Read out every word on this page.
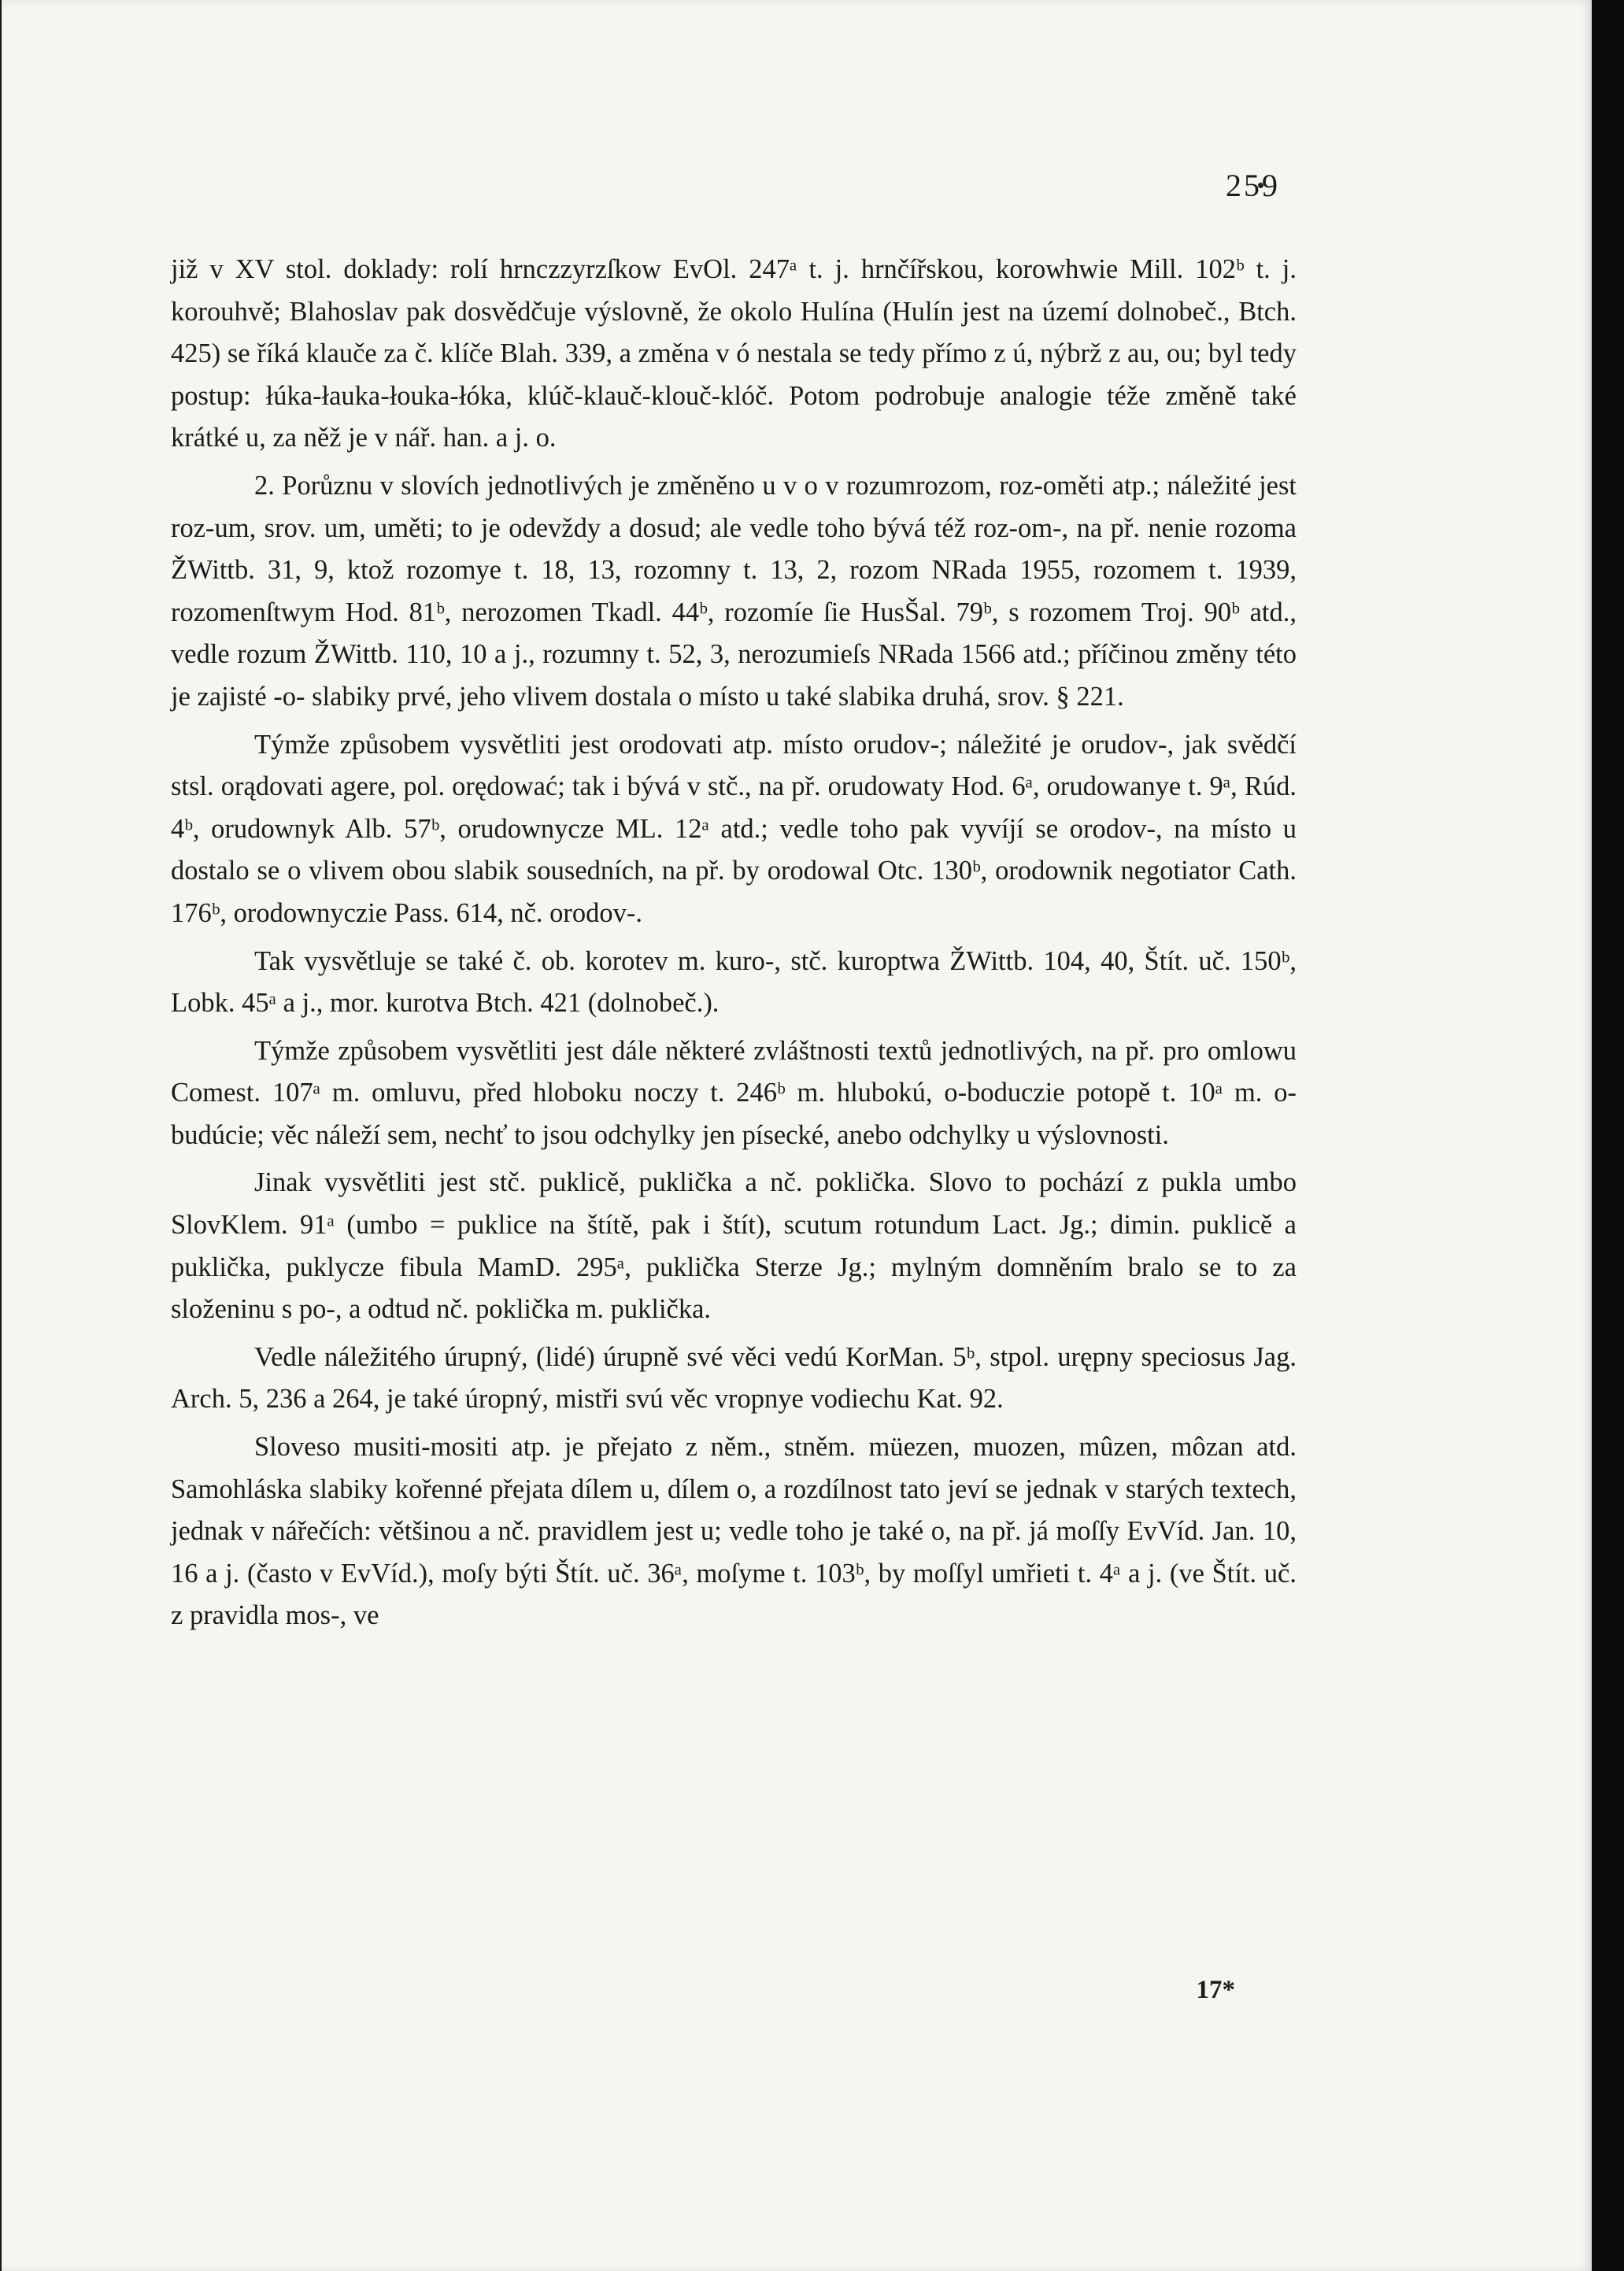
259

již v XV stol. doklady: rolí hrnczzyrzſkow EvOl. 247ᵃ t. j. hrnčířskou, korowhwie Mill. 102ᵇ t. j. korouhvě; Blahoslav pak dosvědčuje výslovně, že okolo Hulína (Hulín jest na území dolnobeč., Btch. 425) se říká klauče za č. klíče Blah. 339, a změna v ó nestala se tedy přímo z ú, nýbrž z au, ou; byl tedy postup: łúka-łauka-łouka-łóka, klúč-klauč-klouč-klóč. Potom podrobuje analogie téže změně také krátké u, za něž je v nář. han. a j. o.

2. Porůznu v slovích jednotlivých je změněno u v o v rozumrozom, roz-oměti atp.; náležité jest roz-um, srov. um, uměti; to je odevždy a dosud; ale vedle toho bývá též roz-om-, na př. nenie rozoma ŽWittb. 31, 9, ktož rozomye t. 18, 13, rozomny t. 13, 2, rozom NRada 1955, rozomem t. 1939, rozomenſtwym Hod. 81ᵇ, nerozomen Tkadl. 44ᵇ, rozomíe ſie HusŠal. 79ᵇ, s rozomem Troj. 90ᵇ atd., vedle rozum ŽWittb. 110, 10 a j., rozumny t. 52, 3, nerozumieſs NRada 1566 atd.; příčinou změny této je zajisté -o- slabiky prvé, jeho vlivem dostala o místo u také slabika druhá, srov. § 221.

Týmže způsobem vysvětliti jest orodovati atp. místo orudov-; náležité je orudov-, jak svědčí stsl. orądovati agere, pol. orędować; tak i bývá v stč., na př. orudowaty Hod. 6ᵃ, orudowanye t. 9ᵃ, Rúd. 4ᵇ, orudownyk Alb. 57ᵇ, orudownycze ML. 12ᵃ atd.; vedle toho pak vyvíjí se orodov-, na místo u dostalo se o vlivem obou slabik sousedních, na př. by orodowal Otc. 130ᵇ, orodownik negotiator Cath. 176ᵇ, orodownyczie Pass. 614, nč. orodov-.

Tak vysvětluje se také č. ob. korotev m. kuro-, stč. kuroptwa ŽWittb. 104, 40, Štít. uč. 150ᵇ, Lobk. 45ᵃ a j., mor. kurotva Btch. 421 (dolnobeč.).

Týmže způsobem vysvětliti jest dále některé zvláštnosti textů jednotlivých, na př. pro omlowu Comest. 107ᵃ m. omluvu, před hloboku noczy t. 246ᵇ m. hlubokú, o-boduczie potopě t. 10ᵃ m. o-budúcie; věc náleží sem, nechť to jsou odchylky jen písecké, anebo odchylky u výslovnosti.

Jinak vysvětliti jest stč. puklicě, puklička a nč. poklička. Slovo to pochází z pukla umbo SlovKlem. 91ᵃ (umbo = puklice na štítě, pak i štít), scutum rotundum Lact. Jg.; dimin. puklicě a puklička, puklycze fibula MamD. 295ᵃ, puklička Sterze Jg.; mylným domněním bralo se to za složeninu s po-, a odtud nč. poklička m. puklička.

Vedle náležitého úrupný, (lidé) úrupně své věci vedú KorMan. 5ᵇ, stpol. urępny speciosus Jag. Arch. 5, 236 a 264, je také úropný, mistři svú věc vropnye vodiechu Kat. 92.

Sloveso musiti-mositi atp. je přejato z něm., stněm. müezen, muozen, mûzen, môzan atd. Samohláska slabiky kořenné přejata dílem u, dílem o, a rozdílnost tato jeví se jednak v starých textech, jednak v nářečích: většinou a nč. pravidlem jest u; vedle toho je také o, na př. já moſſy EvVíd. Jan. 10, 16 a j. (často v EvVíd.), moſy býti Štít. uč. 36ᵃ, moſyme t. 103ᵇ, by moſſyl umřieti t. 4ᵃ a j. (ve Štít. uč. z pravidla mos-, ve

17*
